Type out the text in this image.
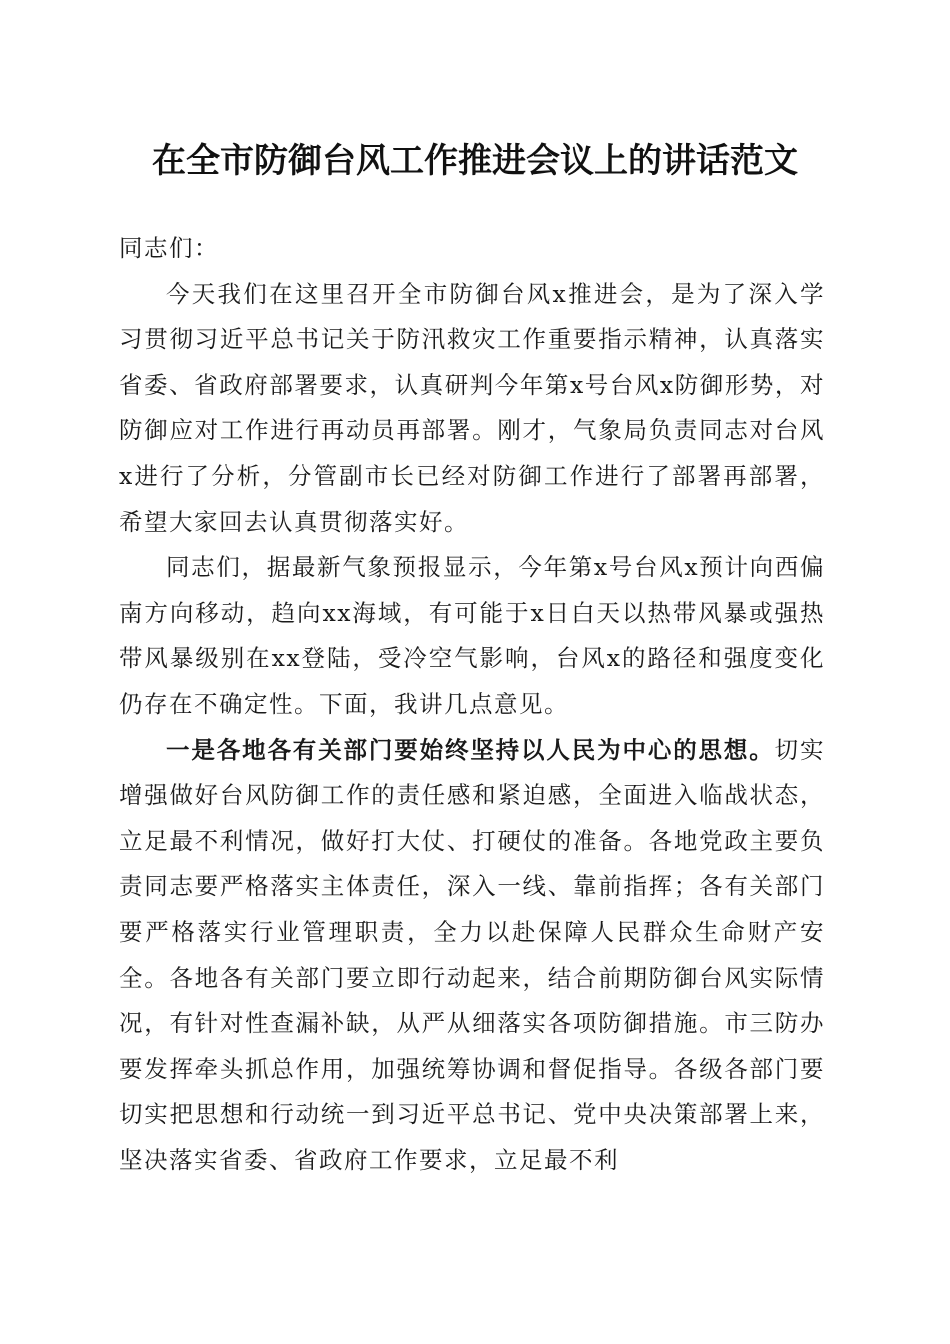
在全市防御台风工作推进会议上的讲话范文

同志们：

今天我们在这里召开全市防御台风x推进会，是为了深入学习贯彻习近平总书记关于防汛救灾工作重要指示精神，认真落实省委、省政府部署要求，认真研判今年第x号台风x防御形势，对防御应对工作进行再动员再部署。刚才，气象局负责同志对台风x进行了分析，分管副市长已经对防御工作进行了部署再部署，希望大家回去认真贯彻落实好。

同志们，据最新气象预报显示，今年第x号台风x预计向西偏南方向移动，趋向xx海域，有可能于x日白天以热带风暴或强热带风暴级别在xx登陆，受冷空气影响，台风x的路径和强度变化仍存在不确定性。下面，我讲几点意见。

一是各地各有关部门要始终坚持以人民为中心的思想。切实增强做好台风防御工作的责任感和紧迫感，全面进入临战状态，立足最不利情况，做好打大仗、打硬仗的准备。各地党政主要负责同志要严格落实主体责任，深入一线、靠前指挥；各有关部门要严格落实行业管理职责，全力以赴保障人民群众生命财产安全。各地各有关部门要立即行动起来，结合前期防御台风实际情况，有针对性查漏补缺，从严从细落实各项防御措施。市三防办要发挥牵头抓总作用，加强统筹协调和督促指导。各级各部门要切实把思想和行动统一到习近平总书记、党中央决策部署上来，坚决落实省委、省政府工作要求，立足最不利
